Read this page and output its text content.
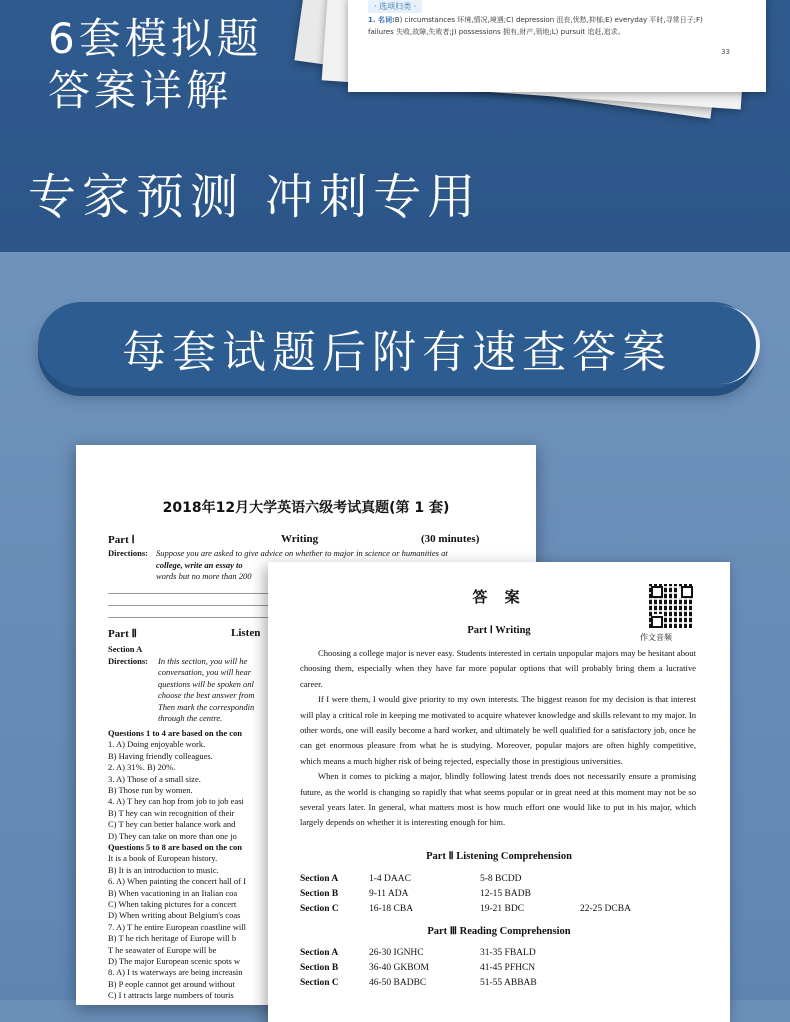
6套模拟题
答案详解
· 选项归类 ·
1. 名词:B) circumstances 环境,情况,境遇;C) depression 沮丧,忧愁,抑郁;E) everyday 平时,寻常日子;F) failures 失败,故障,失败者;J) possessions 拥有,财产,领地;L) pursuit 追赶,追求。
33
专家预测 冲刺专用
每套试题后附有速查答案
2018年12月大学英语六级考试真题(第 1 套)
Part Ⅰ	Writing	(30 minutes)
Directions: Suppose you are asked to give advice on whether to major in science or humanities at
college, write an essay to
words but no more than 200
Part Ⅱ	Listen
Section A
Directions: In this section, you will he
conversation, you will hear
questions will be spoken onl
choose the best answer from
Then mark the correspondin
through the centre.
Questions 1 to 4 are based on the con
1. A) Doing enjoyable work.
B) Having friendly colleagues.
2. A) 31%. B) 20%.
3. A) Those of a small size.
B) Those run by women.
4. A) T hey can hop from job to job easi
B) T hey can win recognition of their
C) T hey can better balance work and
D) They can take on more than one jo
Questions 5 to 8 are based on the con
It is a book of European history.
B) It is an introduction to music.
6. A) When painting the concert hall of I
B) When vacationing in an Italian coa
C) When taking pictures for a concert
D) When writing about Belgium's coas
7. A) T he entire European coastline will
B) T he rich heritage of Europe will b
T he seawater of Europe will be
D) The major European scenic spots w
8. A) I ts waterways are being increasin
B) P eople cannot get around without
C) I t attracts large numbers of touris
答 案
作文音频
Part Ⅰ Writing

Choosing a college major is never easy. Students interested in certain unpopular majors may be hesitant about choosing them, especially when they have far more popular options that will probably bring them a lucrative career.

If I were them, I would give priority to my own interests. The biggest reason for my decision is that interest will play a critical role in keeping me motivated to acquire whatever knowledge and skills relevant to my major. In other words, one will easily become a hard worker, and ultimately be well qualified for a satisfactory job, once he can get enormous pleasure from what he is studying. Moreover, popular majors are often highly competitive, which means a much higher risk of being rejected, especially those in prestigious universities.

When it comes to picking a major, blindly following latest trends does not necessarily ensure a promising future, as the world is changing so rapidly that what seems popular or in great need at this moment may not be so several years later. In general, what matters most is how much effort one would like to put in his major, which largely depends on whether it is interesting enough for him.

Part Ⅱ Listening Comprehension
Section A	1-4 DAAC	5-8 BCDD
Section B	9-11 ADA	12-15 BADB
Section C	16-18 CBA	19-21 BDC	22-25 DCBA
Part Ⅲ Reading Comprehension
Section A	26-30 IGNHC	31-35 FBALD
Section B	36-40 GKBOM	41-45 PFHCN
Section C	46-50 BADBC	51-55 ABBAB
